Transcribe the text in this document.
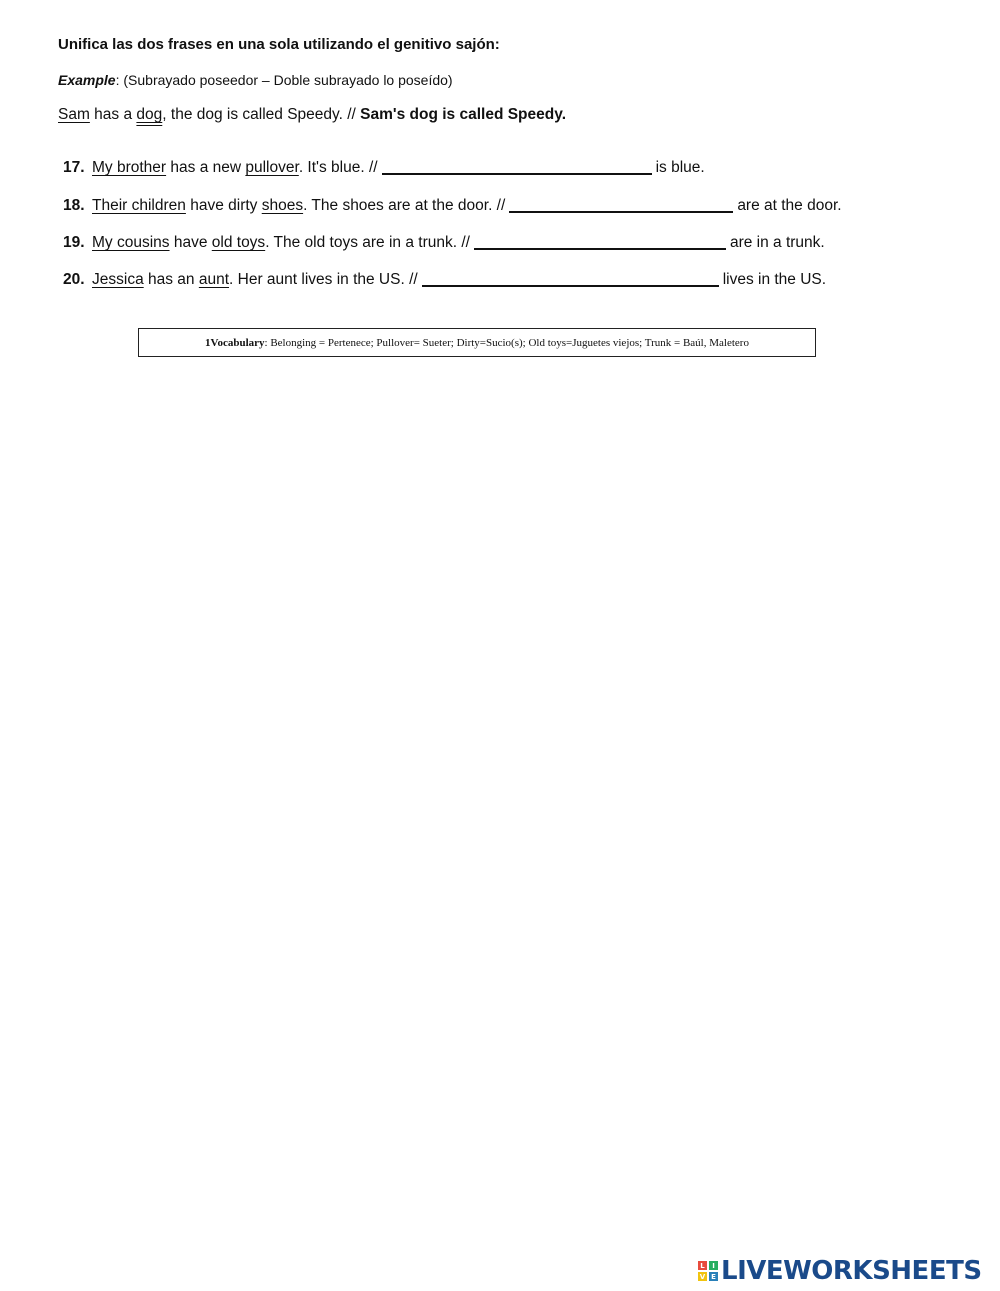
Unifica las dos frases en una sola utilizando el genitivo sajón:
Example: (Subrayado poseedor – Doble subrayado lo poseído)
Sam has a dog, the dog is called Speedy. // Sam's dog is called Speedy.
17. My brother has a new pullover. It's blue. //	is blue.
18. Their children have dirty shoes. The shoes are at the door. //	are at the door.
19. My cousins have old toys. The old toys are in a trunk. //	are in a trunk.
20. Jessica has an aunt. Her aunt lives in the US. //	lives in the US.
1Vocabulary : Belonging = Pertenece; Pullover= Sueter; Dirty=Sucio(s); Old toys=Juguetes viejos; Trunk = Baúl, Maletero
L	I
V E LIVEWORKSHEETS
